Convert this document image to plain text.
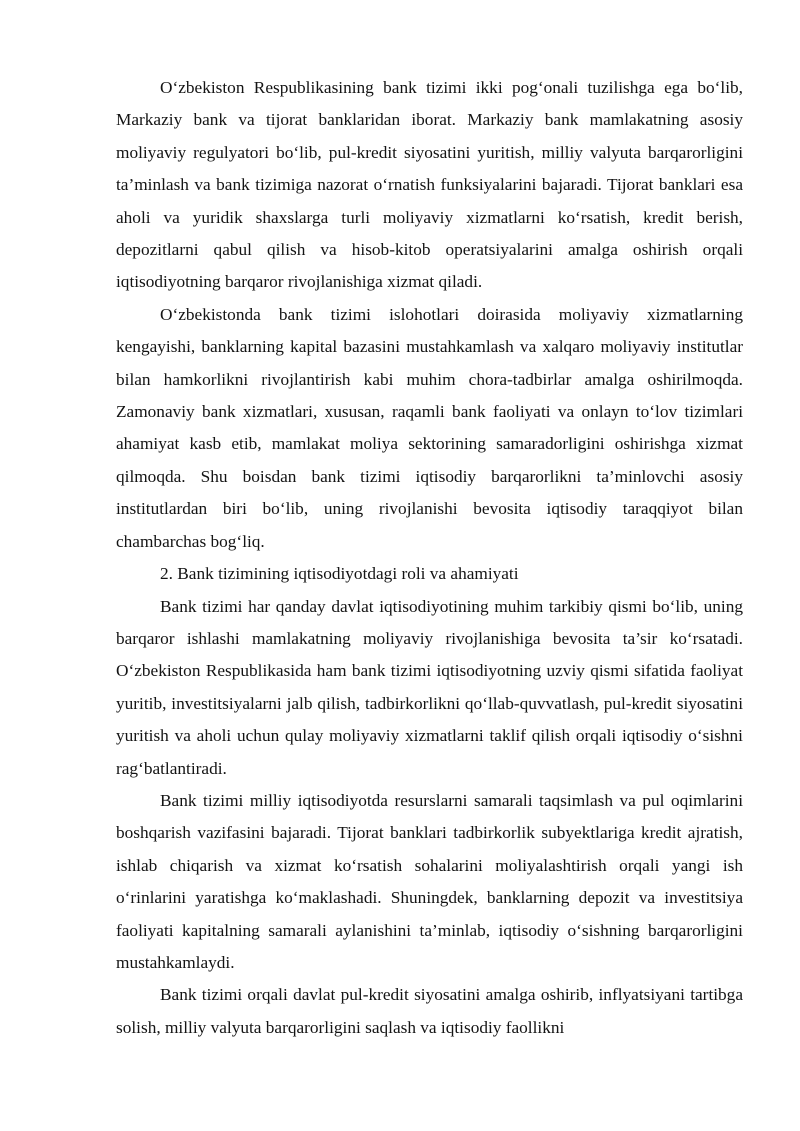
O‘zbekiston Respublikasining bank tizimi ikki pog‘onali tuzilishga ega bo‘lib, Markaziy bank va tijorat banklaridan iborat. Markaziy bank mamlakatning asosiy moliyaviy regulyatori bo‘lib, pul-kredit siyosatini yuritish, milliy valyuta barqarorligini ta’minlash va bank tizimiga nazorat o‘rnatish funksiyalarini bajaradi. Tijorat banklari esa aholi va yuridik shaxslarga turli moliyaviy xizmatlarni ko‘rsatish, kredit berish, depozitlarni qabul qilish va hisob-kitob operatsiyalarini amalga oshirish orqali iqtisodiyotning barqaror rivojlanishiga xizmat qiladi.

O‘zbekistonda bank tizimi islohotlari doirasida moliyaviy xizmatlarning kengayishi, banklarning kapital bazasini mustahkamlash va xalqaro moliyaviy institutlar bilan hamkorlikni rivojlantirish kabi muhim chora-tadbirlar amalga oshirilmoqda. Zamonaviy bank xizmatlari, xususan, raqamli bank faoliyati va onlayn to‘lov tizimlari ahamiyat kasb etib, mamlakat moliya sektorining samaradorligini oshirishga xizmat qilmoqda. Shu boisdan bank tizimi iqtisodiy barqarorlikni ta’minlovchi asosiy institutlardan biri bo‘lib, uning rivojlanishi bevosita iqtisodiy taraqqiyot bilan chambarchas bog‘liq.

2. Bank tizimining iqtisodiyotdagi roli va ahamiyati

Bank tizimi har qanday davlat iqtisodiyotining muhim tarkibiy qismi bo‘lib, uning barqaror ishlashi mamlakatning moliyaviy rivojlanishiga bevosita ta’sir ko‘rsatadi. O‘zbekiston Respublikasida ham bank tizimi iqtisodiyotning uzviy qismi sifatida faoliyat yuritib, investitsiyalarni jalb qilish, tadbirkorlikni qo‘llab-quvvatlash, pul-kredit siyosatini yuritish va aholi uchun qulay moliyaviy xizmatlarni taklif qilish orqali iqtisodiy o‘sishni rag‘batlantiradi.

Bank tizimi milliy iqtisodiyotda resurslarni samarali taqsimlash va pul oqimlarini boshqarish vazifasini bajaradi. Tijorat banklari tadbirkorlik subyektlariga kredit ajratish, ishlab chiqarish va xizmat ko‘rsatish sohalarini moliyalashtirish orqali yangi ish o‘rinlarini yaratishga ko‘maklashadi. Shuningdek, banklarning depozit va investitsiya faoliyati kapitalning samarali aylanishini ta’minlab, iqtisodiy o‘sishning barqarorligini mustahkamlaydi.

Bank tizimi orqali davlat pul-kredit siyosatini amalga oshirib, inflyatsiyani tartibga solish, milliy valyuta barqarorligini saqlash va iqtisodiy faollikni
